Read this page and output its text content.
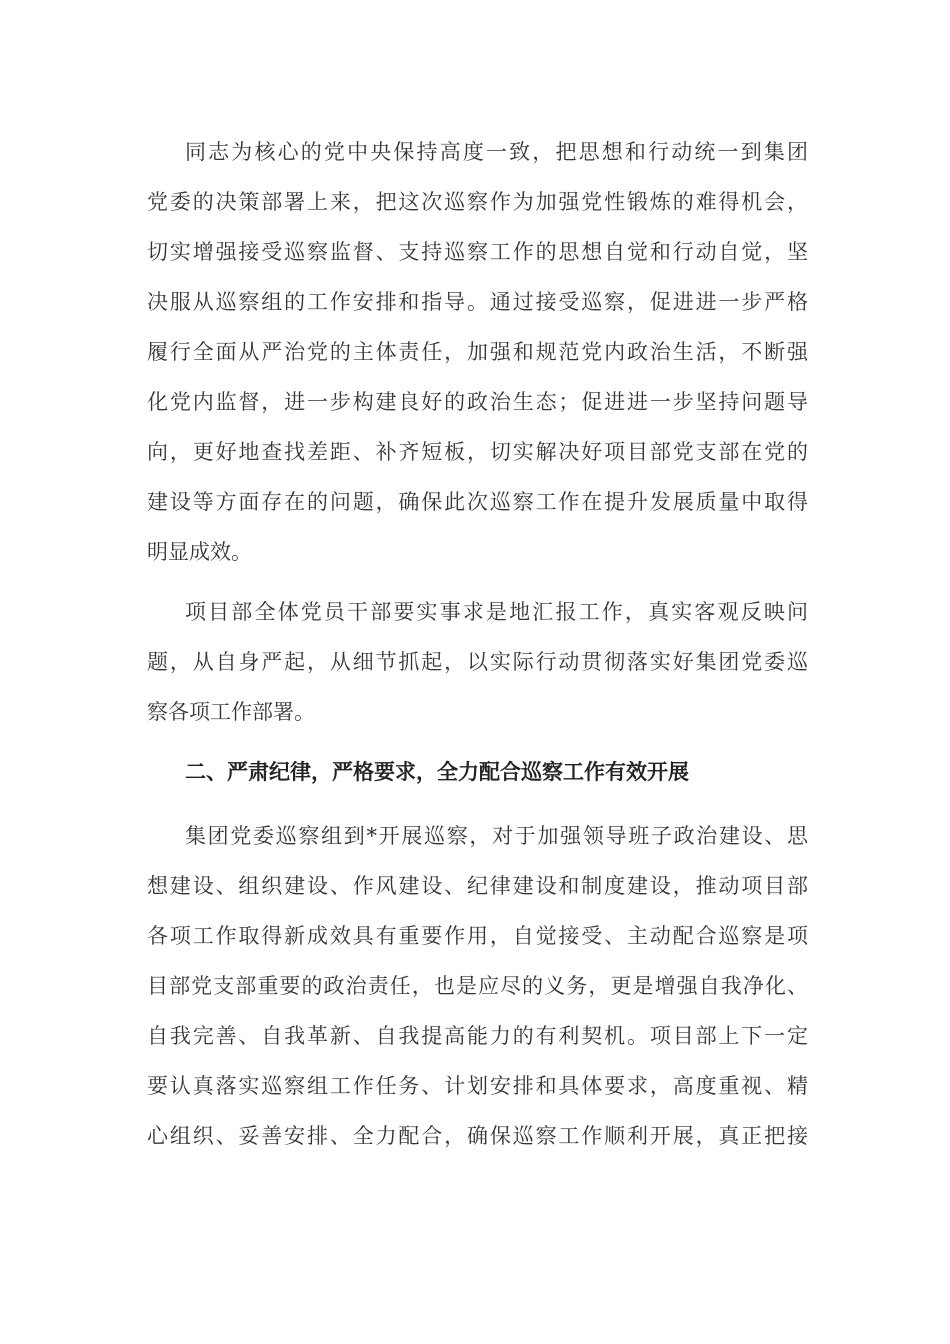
同志为核心的党中央保持高度一致，把思想和行动统一到集团
党委的决策部署上来，把这次巡察作为加强党性锻炼的难得机会，
切实增强接受巡察监督、支持巡察工作的思想自觉和行动自觉，坚
决服从巡察组的工作安排和指导。通过接受巡察，促进进一步严格
履行全面从严治党的主体责任，加强和规范党内政治生活，不断强
化党内监督，进一步构建良好的政治生态；促进进一步坚持问题导
向，更好地查找差距、补齐短板，切实解决好项目部党支部在党的
建设等方面存在的问题，确保此次巡察工作在提升发展质量中取得
明显成效。
项目部全体党员干部要实事求是地汇报工作，真实客观反映问
题，从自身严起，从细节抓起，以实际行动贯彻落实好集团党委巡
察各项工作部署。
二、严肃纪律，严格要求，全力配合巡察工作有效开展
集团党委巡察组到*开展巡察，对于加强领导班子政治建设、思
想建设、组织建设、作风建设、纪律建设和制度建设，推动项目部
各项工作取得新成效具有重要作用，自觉接受、主动配合巡察是项
目部党支部重要的政治责任，也是应尽的义务，更是增强自我净化、
自我完善、自我革新、自我提高能力的有利契机。项目部上下一定
要认真落实巡察组工作任务、计划安排和具体要求，高度重视、精
心组织、妥善安排、全力配合，确保巡察工作顺利开展，真正把接
